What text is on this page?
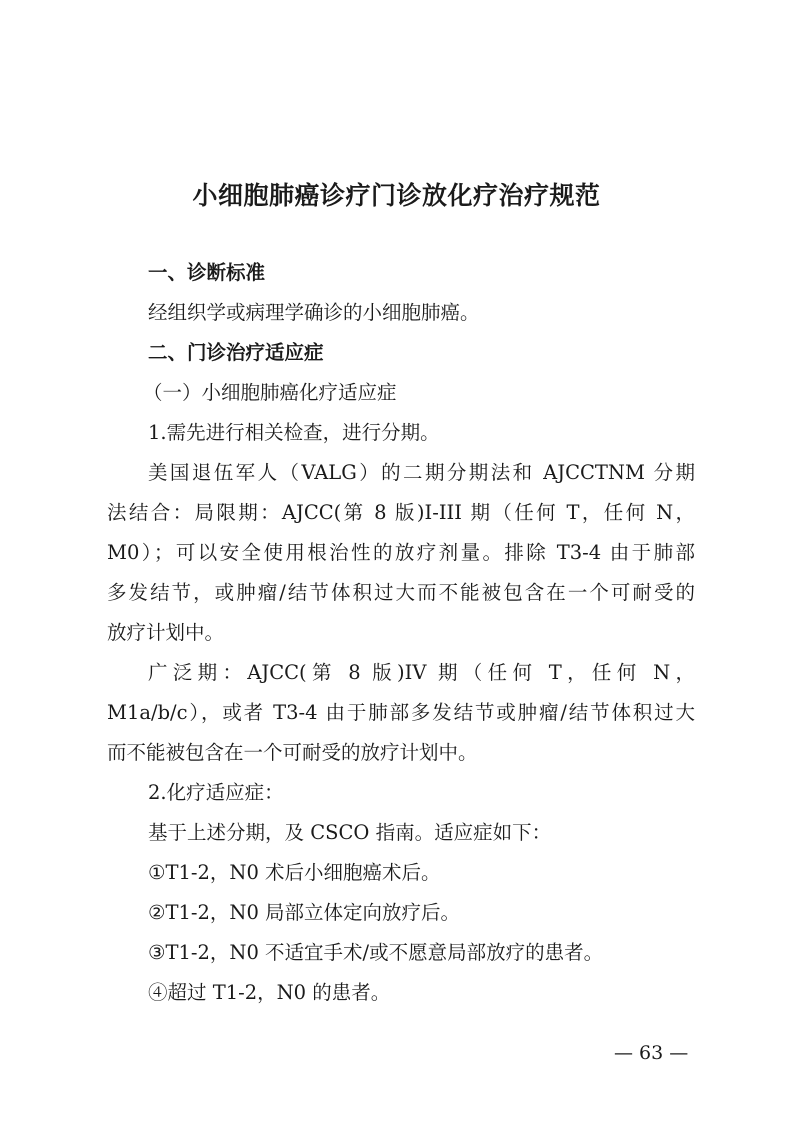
小细胞肺癌诊疗门诊放化疗治疗规范
一、诊断标准
经组织学或病理学确诊的小细胞肺癌。
二、门诊治疗适应症
（一）小细胞肺癌化疗适应症
1.需先进行相关检查，进行分期。
美国退伍军人（VALG）的二期分期法和 AJCCTNM 分期
法结合：局限期：AJCC(第 8 版)I-III 期（任何 T，任何 N，
M0）；可以安全使用根治性的放疗剂量。排除 T3-4 由于肺部
多发结节，或肿瘤/结节体积过大而不能被包含在一个可耐受的
放疗计划中。
广泛期：AJCC(第 8 版)IV 期（任何 T，任何 N，
M1a/b/c），或者 T3-4 由于肺部多发结节或肿瘤/结节体积过大
而不能被包含在一个可耐受的放疗计划中。
2.化疗适应症：
基于上述分期，及 CSCO 指南。适应症如下：
①T1-2，N0 术后小细胞癌术后。
②T1-2，N0 局部立体定向放疗后。
③T1-2，N0 不适宜手术/或不愿意局部放疗的患者。
④超过 T1-2，N0 的患者。
— 63 —
